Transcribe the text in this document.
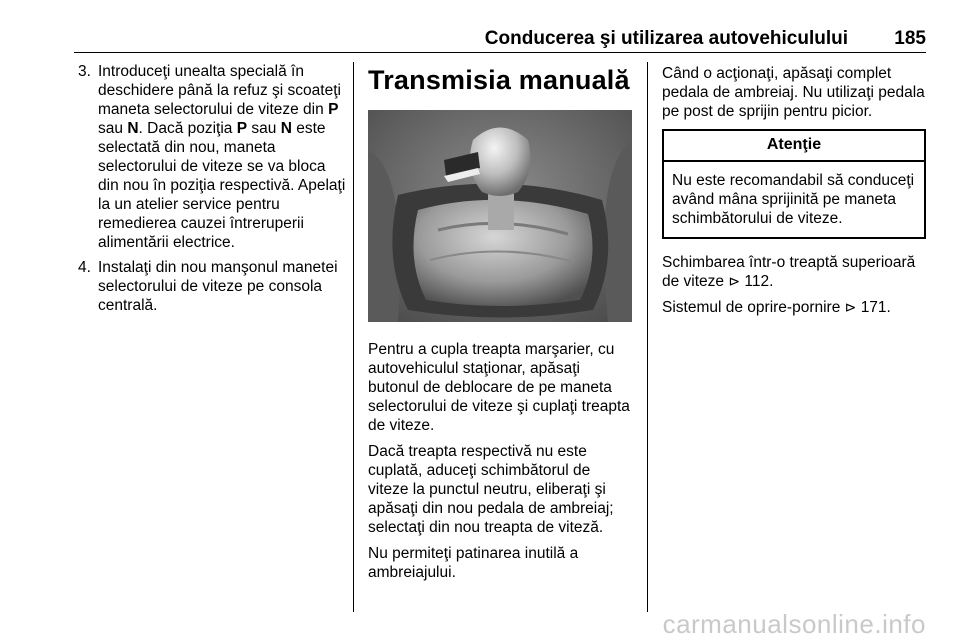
Conducerea şi utilizarea autovehiculului 185
3. Introduceţi unealta specială în deschidere până la refuz şi scoateţi maneta selectorului de viteze din P sau N. Dacă poziţia P sau N este selectată din nou, maneta selectorului de viteze se va bloca din nou în poziţia respectivă. Apelaţi la un atelier service pentru remedierea cauzei întreruperii alimentării electrice.
4. Instalaţi din nou manşonul manetei selectorului de viteze pe consola centrală.
Transmisia manuală

Pentru a cupla treapta marşarier, cu autovehiculul staţionar, apăsaţi butonul de deblocare de pe maneta selectorului de viteze şi cuplaţi treapta de viteze.

Dacă treapta respectivă nu este cuplată, aduceţi schimbătorul de viteze la punctul neutru, eliberaţi şi apăsaţi din nou pedala de ambreiaj; selectaţi din nou treapta de viteză.

Nu permiteţi patinarea inutilă a ambreiajului.

Când o acţionaţi, apăsaţi complet pedala de ambreiaj. Nu utilizaţi pedala pe post de sprijin pentru picior.

Atenţie
Nu este recomandabil să conduceţi având mâna sprijinită pe maneta schimbătorului de viteze.

Schimbarea într-o treaptă superioară de viteze ⊳ 112.

Sistemul de oprire-pornire ⊳ 171.

carmanualsonline.info
